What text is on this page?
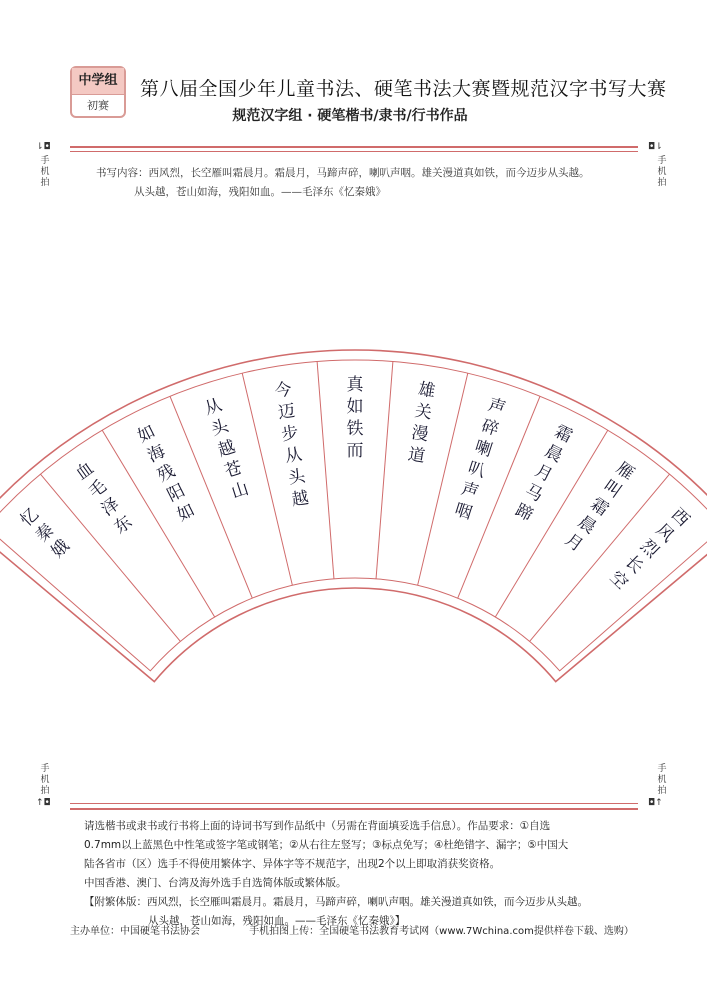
中学组
初赛
第八届全国少年儿童书法、硬笔书法大赛暨规范汉字书写大赛
规范汉字组 · 硬笔楷书/隶书/行书作品
⇂◘
手机拍
◘⇂
手机拍
书写内容：西风烈，长空雁叫霜晨月。霜晨月，马蹄声碎，喇叭声咽。雄关漫道真如铁，而今迈步从头越。
从头越，苍山如海，残阳如血。——毛泽东《忆秦娥》
西
风
烈
长
空
雁
叫
霜
晨
月
霜
晨
月
马
蹄
声
碎
喇
叭
声
咽
雄
关
漫
道
真
如
铁
而
今
迈
步
从
头
越
从
头
越
苍
山
如
海
残
阳
如
血
毛
泽
东
忆
秦
娥
手机拍
↑◘
手机拍
◘↑
请选楷书或隶书或行书将上面的诗词书写到作品纸中（另需在背面填妥选手信息）。作品要求：①自选
0.7mm以上蓝黑色中性笔或签字笔或钢笔；②从右往左竖写；③标点免写；④杜绝错字、漏字；⑤中国大
陆各省市（区）选手不得使用繁体字、异体字等不规范字，出现2个以上即取消获奖资格。
中国香港、澳门、台湾及海外选手自选简体版或繁体版。
【附繁体版：西风烈，长空雁叫霜晨月。霜晨月，马蹄声碎，喇叭声咽。雄关漫道真如铁，而今迈步从头越。
从头越，苍山如海，残阳如血。——毛泽东《忆秦娥》】
主办单位：中国硬笔书法协会	手机拍图上传：全国硬笔书法教育考试网（www.7Wchina.com提供样卷下载、选购）
